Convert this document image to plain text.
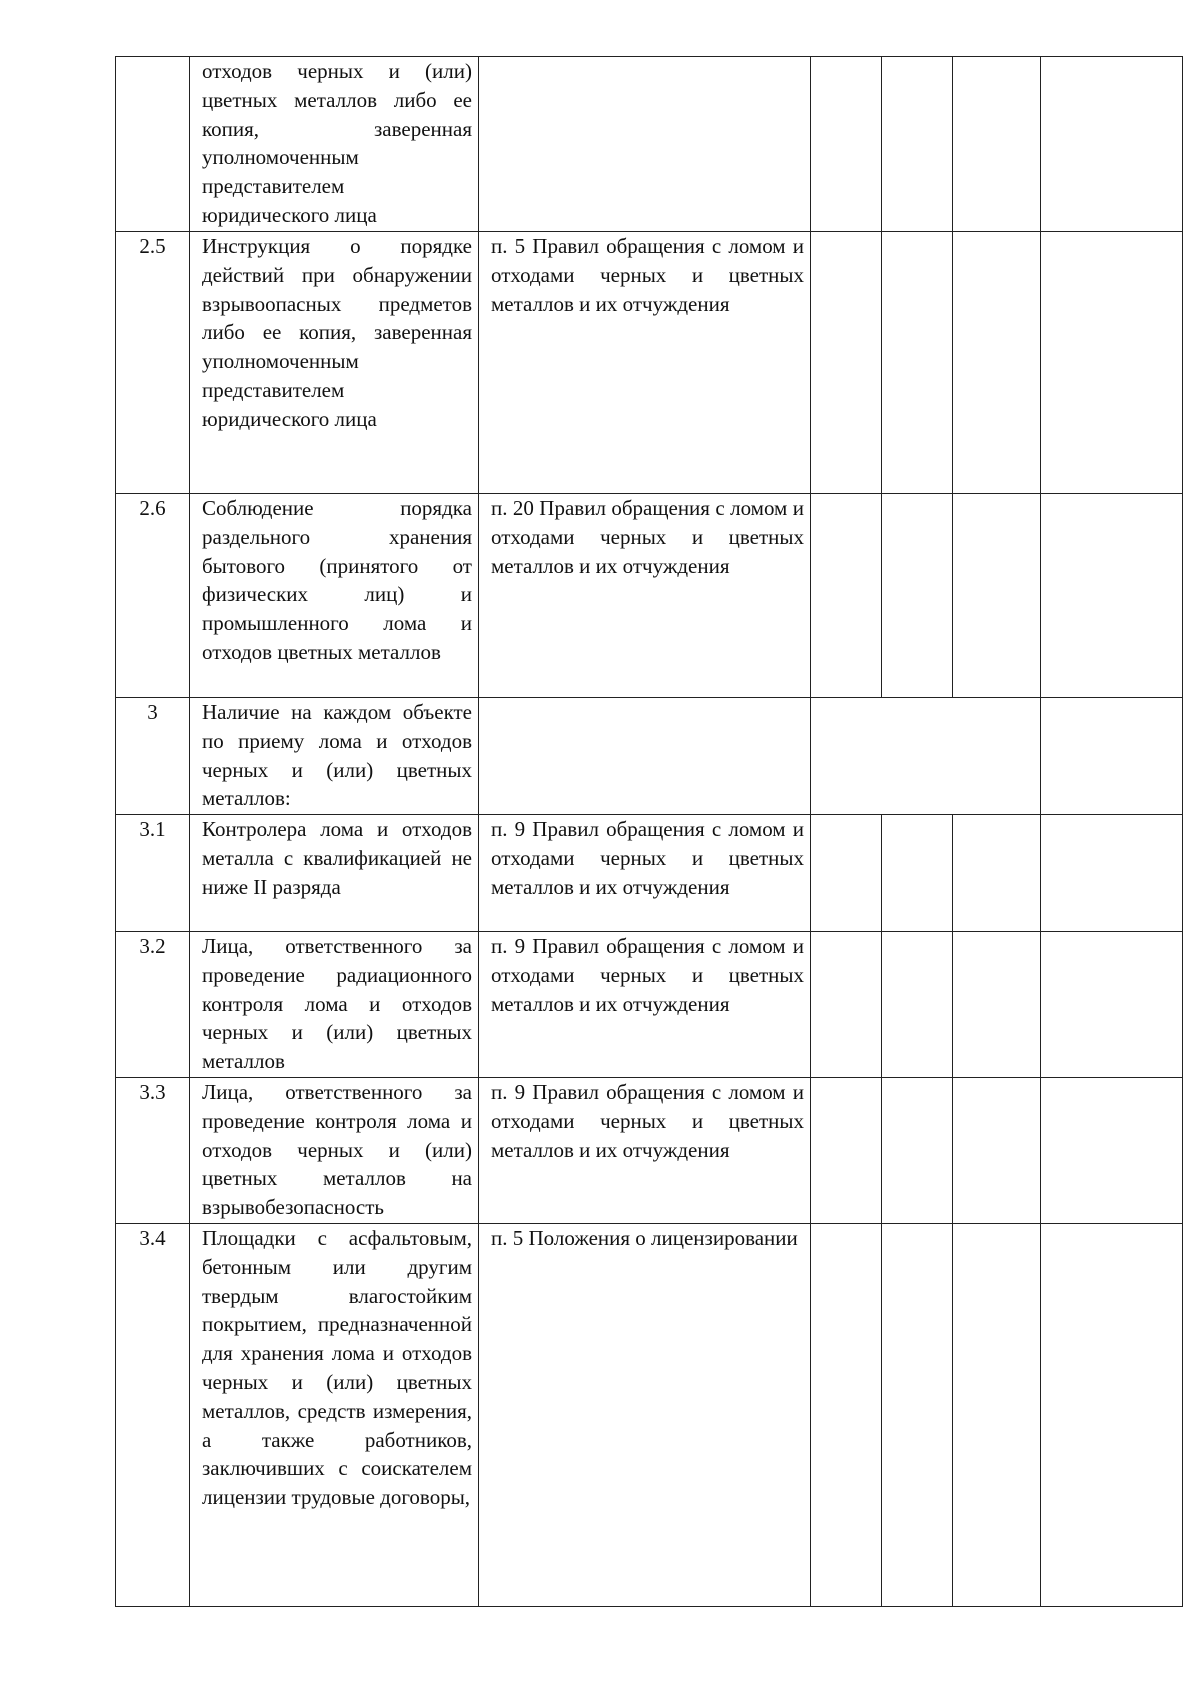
	отходов черных и (или) цветных металлов либо ее копия, заверенная уполномоченным представителем юридического лица					

2.5	Инструкция о порядке действий при обнаружении взрывоопасных предметов либо ее копия, заверенная уполномоченным представителем юридического лица	п. 5 Правил обращения с ломом и отходами черных и цветных металлов и их отчуждения				

2.6	Соблюдение порядка раздельного хранения бытового (принятого от физических лиц) и промышленного лома и отходов цветных металлов	п. 20 Правил обращения с ломом и отходами черных и цветных металлов и их отчуждения				

3	Наличие на каждом объекте по приему лома и отходов черных и (или) цветных металлов:					

3.1	Контролера лома и отходов металла с квалификацией не ниже II разряда	п. 9 Правил обращения с ломом и отходами черных и цветных металлов и их отчуждения				

3.2	Лица, ответственного за проведение радиационного контроля лома и отходов черных и (или) цветных металлов	п. 9 Правил обращения с ломом и отходами черных и цветных металлов и их отчуждения				

3.3	Лица, ответственного за проведение контроля лома и отходов черных и (или) цветных металлов на взрывобезопасность	п. 9 Правил обращения с ломом и отходами черных и цветных металлов и их отчуждения				

3.4	Площадки с асфальтовым, бетонным или другим твердым влагостойким покрытием, предназначенной для хранения лома и отходов черных и (или) цветных металлов, средств измерения, а также работников, заключивших с соискателем лицензии трудовые договоры,	п. 5 Положения о лицензировании				
